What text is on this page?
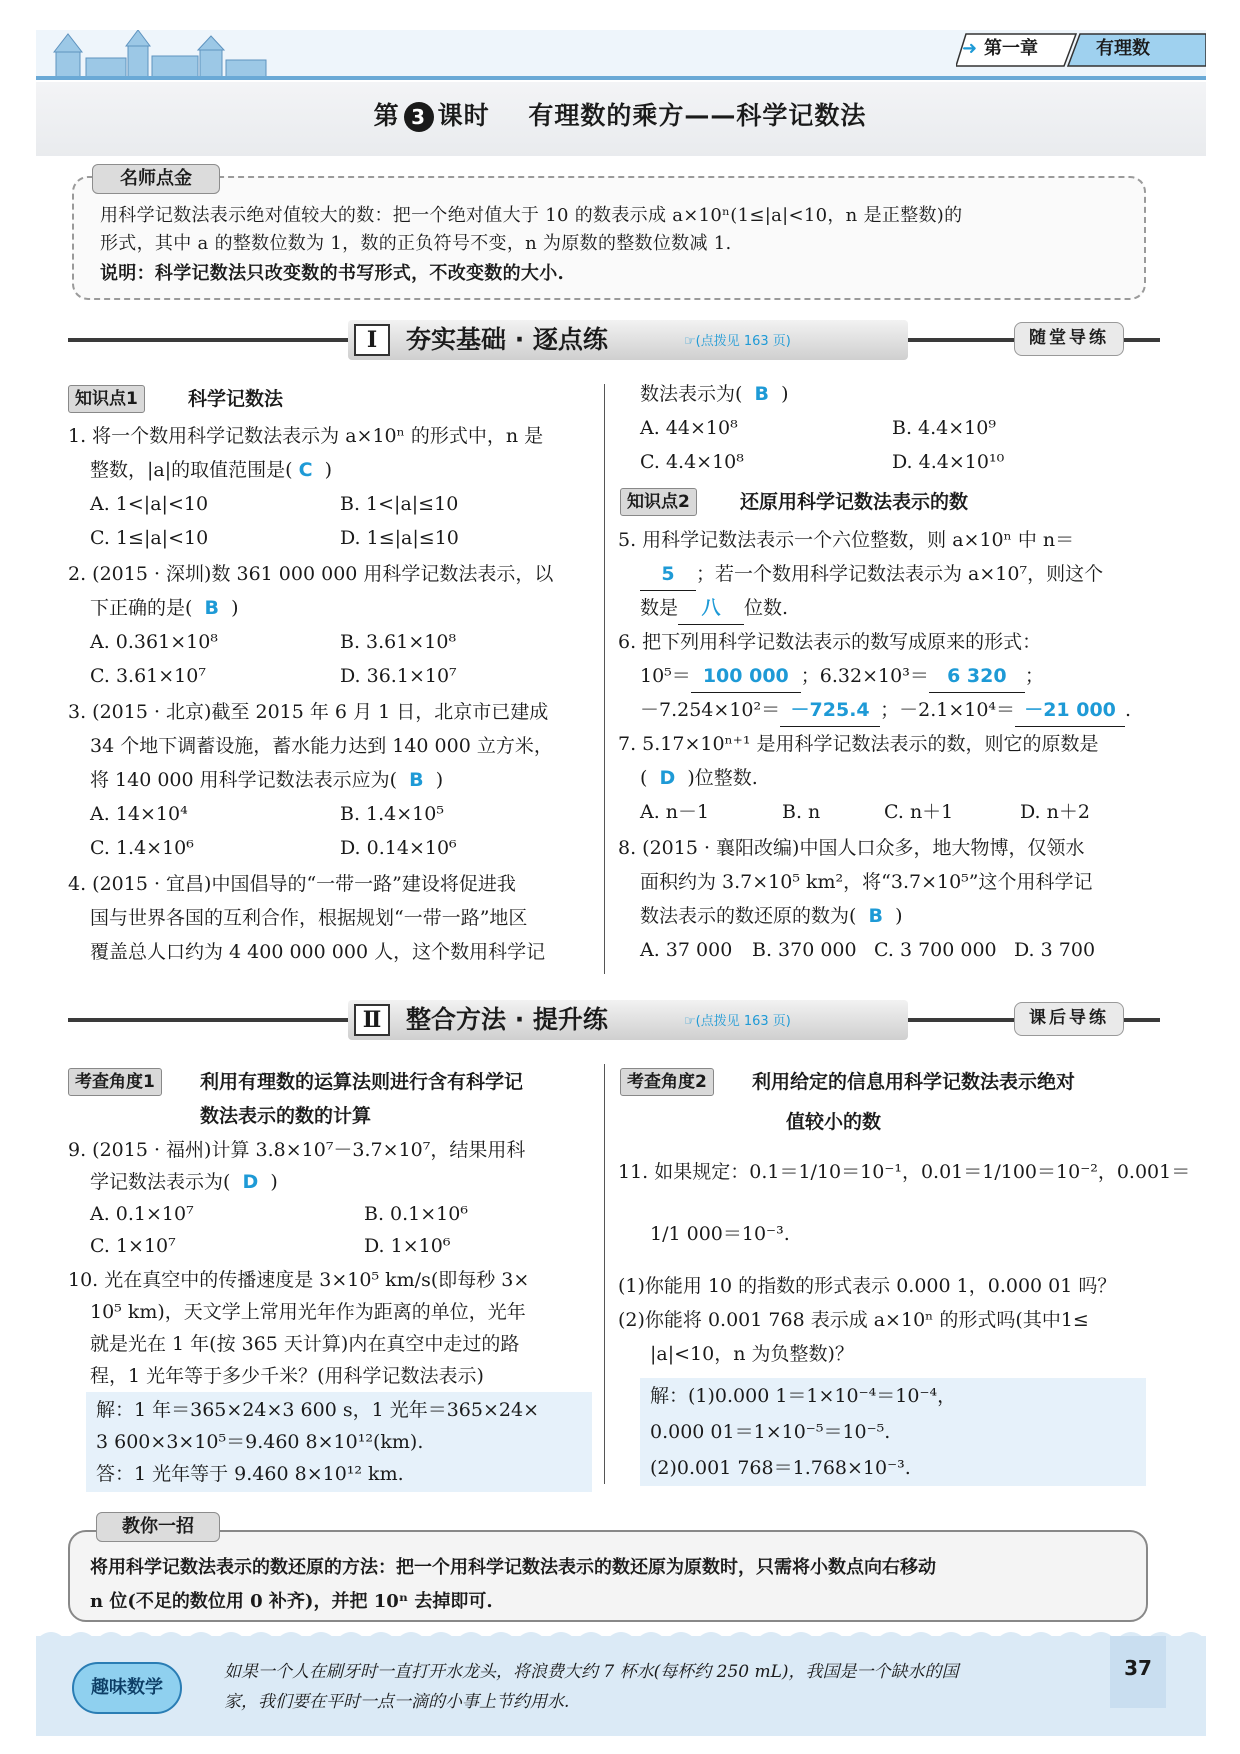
➜ 第一章	有理数
第 3 课时 有理数的乘方——科学记数法
名师点金
用科学记数法表示绝对值较大的数：把一个绝对值大于 10 的数表示成 a×10ⁿ(1≤|a|<10，n 是正整数)的
形式，其中 a 的整数位数为 1，数的正负符号不变，n 为原数的整数位数减 1.
说明：科学记数法只改变数的书写形式，不改变数的大小.
Ⅰ	夯实基础 · 逐点练	☞(点拨见 163 页)	随堂导练
知识点1	科学记数法
1. 将一个数用科学记数法表示为 a×10ⁿ 的形式中，n 是
整数，|a|的取值范围是( C )
A. 1<|a|<10	B. 1<|a|≤10
C. 1≤|a|<10	D. 1≤|a|≤10
2. (2015 · 深圳)数 361 000 000 用科学记数法表示，以
下正确的是( B )
A. 0.361×10⁸	B. 3.61×10⁸
C. 3.61×10⁷	D. 36.1×10⁷
3. (2015 · 北京)截至 2015 年 6 月 1 日，北京市已建成
34 个地下调蓄设施，蓄水能力达到 140 000 立方米，
将 140 000 用科学记数法表示应为( B )
A. 14×10⁴	B. 1.4×10⁵
C. 1.4×10⁶	D. 0.14×10⁶
4. (2015 · 宜昌)中国倡导的“一带一路”建设将促进我
国与世界各国的互利合作，根据规划“一带一路”地区
覆盖总人口约为 4 400 000 000 人，这个数用科学记
数法表示为( B )
A. 44×10⁸	B. 4.4×10⁹
C. 4.4×10⁸	D. 4.4×10¹⁰
知识点2	还原用科学记数法表示的数
5. 用科学记数法表示一个六位整数，则 a×10ⁿ 中 n＝
5 ；若一个数用科学记数法表示为 a×10⁷，则这个
数是 八 位数.
6. 把下列用科学记数法表示的数写成原来的形式：
10⁵＝ 100 000 ；6.32×10³＝ 6 320 ；
－7.254×10²＝ －725.4 ；－2.1×10⁴＝ －21 000 .
7. 5.17×10ⁿ⁺¹ 是用科学记数法表示的数，则它的原数是
( D )位整数.
A. n－1	B. n	C. n＋1	D. n＋2
8. (2015 · 襄阳改编)中国人口众多，地大物博，仅领水
面积约为 3.7×10⁵ km²，将“3.7×10⁵”这个用科学记
数法表示的数还原的数为( B )
A. 37 000 B. 370 000 C. 3 700 000 D. 3 700
Ⅱ 整合方法 · 提升练	☞(点拨见 163 页)	课后导练
考查角度1	利用有理数的运算法则进行含有科学记
数法表示的数的计算
9. (2015 · 福州)计算 3.8×10⁷－3.7×10⁷，结果用科
学记数法表示为( D )
A. 0.1×10⁷	B. 0.1×10⁶
C. 1×10⁷	D. 1×10⁶
10. 光在真空中的传播速度是 3×10⁵ km/s(即每秒 3×
10⁵ km)，天文学上常用光年作为距离的单位，光年
就是光在 1 年(按 365 天计算)内在真空中走过的路
程，1 光年等于多少千米？(用科学记数法表示)
解：1 年＝365×24×3 600 s，1 光年＝365×24×
3 600×3×10⁵＝9.460 8×10¹²(km).
答：1 光年等于 9.460 8×10¹² km.
考查角度2	利用给定的信息用科学记数法表示绝对
值较小的数
11. 如果规定：0.1＝1/10＝10⁻¹，0.01＝1/100＝10⁻²，0.001＝
1/1 000＝10⁻³.
(1)你能用 10 的指数的形式表示 0.000 1，0.000 01 吗？
(2)你能将 0.001 768 表示成 a×10ⁿ 的形式吗(其中1≤
|a|<10，n 为负整数)？
解：(1)0.000 1＝1×10⁻⁴＝10⁻⁴，
0.000 01＝1×10⁻⁵＝10⁻⁵.
(2)0.001 768＝1.768×10⁻³.
教你一招
将用科学记数法表示的数还原的方法：把一个用科学记数法表示的数还原为原数时，只需将小数点向右移动
n 位(不足的数位用 0 补齐)，并把 10ⁿ 去掉即可.
趣味数学
如果一个人在刷牙时一直打开水龙头，将浪费大约 7 杯水(每杯约 250 mL)，我国是一个缺水的国
家，我们要在平时一点一滴的小事上节约用水.
37
